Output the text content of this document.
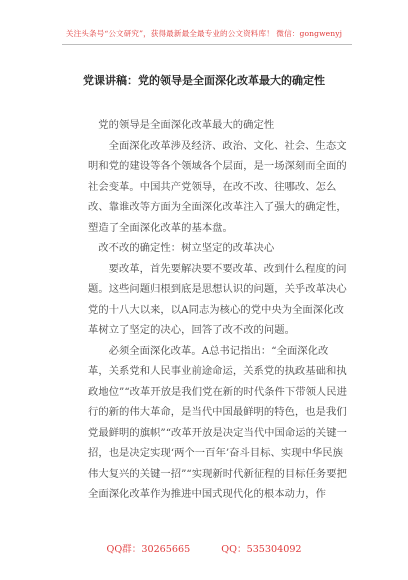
关注头条号“公文研究”，获得最新最全最专业的公文资料库！ 微信：gongwenyj
党课讲稿：党的领导是全面深化改革最大的确定性

党的领导是全面深化改革最大的确定性

全面深化改革涉及经济、政治、文化、社会、生态文明和党的建设等各个领域各个层面，是一场深刻而全面的社会变革。中国共产党领导，在改不改、往哪改、怎么改、靠谁改等方面为全面深化改革注入了强大的确定性，塑造了全面深化改革的基本盘。

改不改的确定性：树立坚定的改革决心

要改革，首先要解决要不要改革、改到什么程度的问题。这些问题归根到底是思想认识的问题，关乎改革决心党的十八大以来，以A同志为核心的党中央为全面深化改革树立了坚定的决心，回答了改不改的问题。

必须全面深化改革。A总书记指出：“全面深化改革，关系党和人民事业前途命运，关系党的执政基础和执政地位”“改革开放是我们党在新的时代条件下带领人民进行的新的伟大革命，是当代中国最鲜明的特色，也是我们党最鲜明的旗帜”“改革开放是决定当代中国命运的关键一招，也是决定实现‘两个一百年’奋斗目标、实现中华民族伟大复兴的关键一招”“实现新时代新征程的目标任务要把全面深化改革作为推进中国式现代化的根本动力，作

QQ群：30265665	QQ：535304092
